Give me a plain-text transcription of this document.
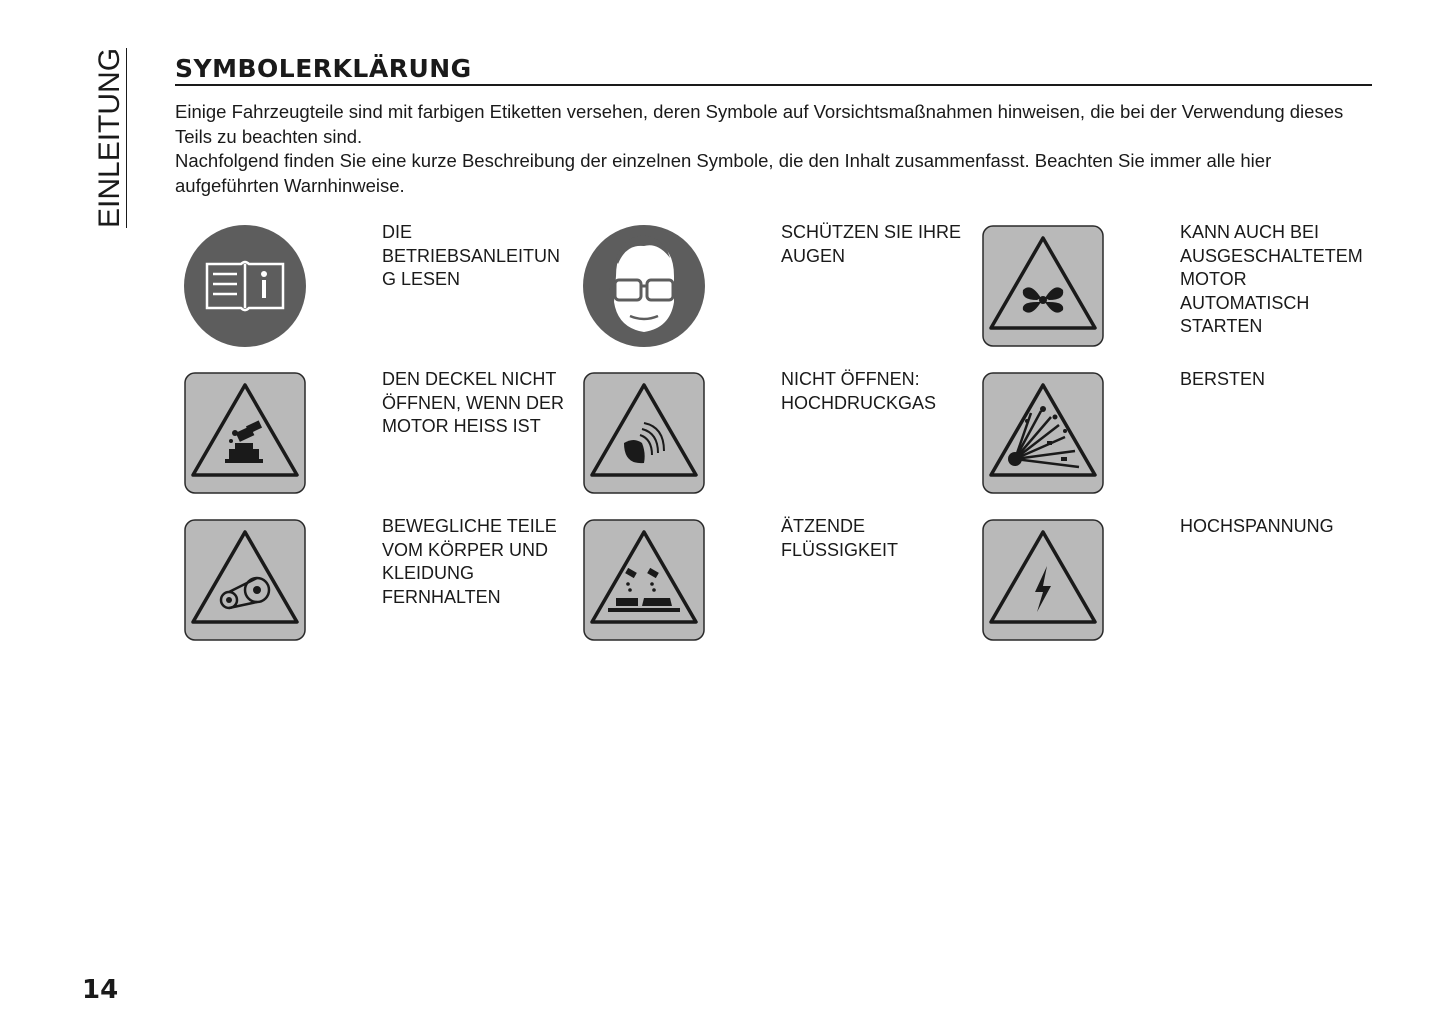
EINLEITUNG SYMBOLERKLÄRUNG

Einige Fahrzeugteile sind mit farbigen Etiketten versehen, deren Symbole auf Vorsichtsmaßnahmen hinweisen, die bei der Verwendung dieses Teils zu beachten sind.

Nachfolgend finden Sie eine kurze Beschreibung der einzelnen Symbole, die den Inhalt zusammenfasst. Beachten Sie immer alle hier aufgeführten Warnhinweise.

DIE BETRIEBSANLEITUN G LESEN
SCHÜTZEN SIE IHRE AUGEN
KANN AUCH BEI AUSGESCHALTETEM MOTOR AUTOMATISCH STARTEN
DEN DECKEL NICHT ÖFFNEN, WENN DER MOTOR HEISS IST
NICHT ÖFFNEN: HOCHDRUCKGAS
BERSTEN
BEWEGLICHE TEILE VOM KÖRPER UND KLEIDUNG FERNHALTEN
ÄTZENDE FLÜSSIGKEIT
HOCHSPANNUNG
14
